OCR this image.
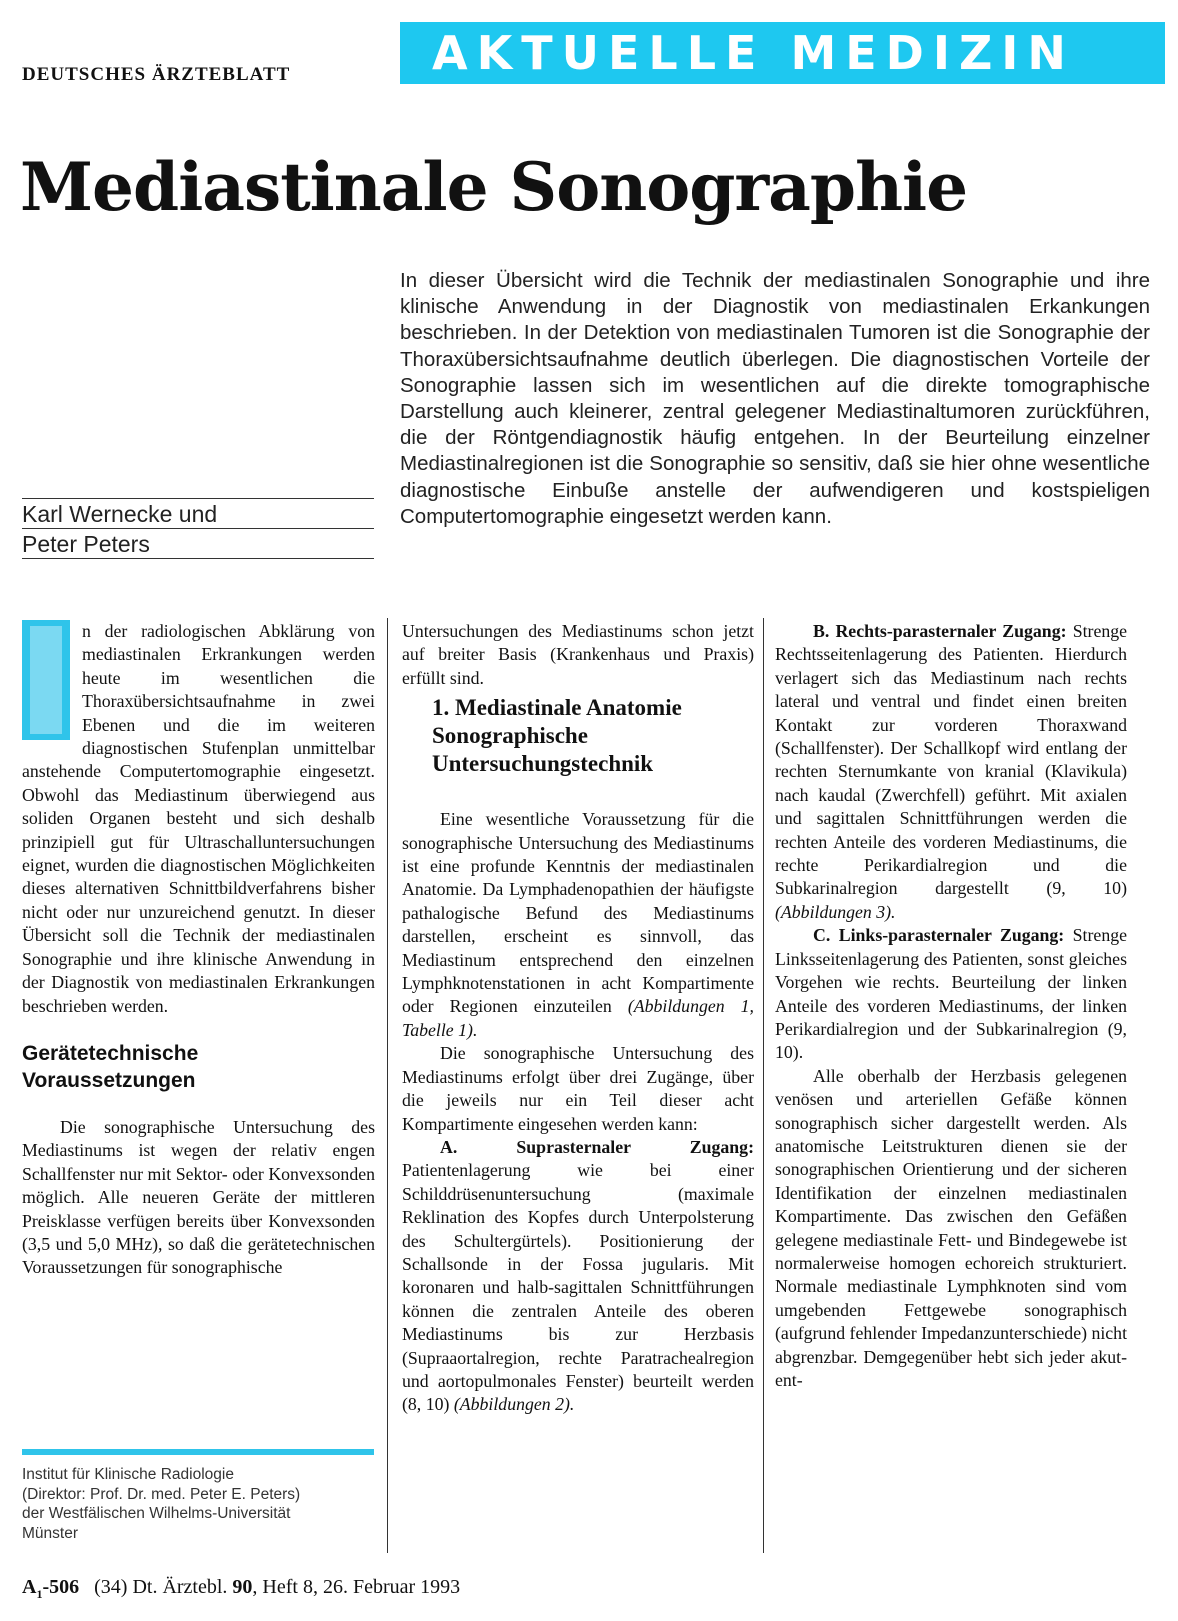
DEUTSCHES ÄRZTEBLATT	AKTUELLE MEDIZIN
Mediastinale Sonographie
In dieser Übersicht wird die Technik der mediastinalen Sonographie und ihre klinische Anwendung in der Diagnostik von mediastinalen Erkankungen beschrieben. In der Detektion von mediastinalen Tumoren ist die Sonographie der Thoraxübersichtsaufnahme deutlich überlegen. Die diagnostischen Vorteile der Sonographie lassen sich im wesentlichen auf die direkte tomographische Darstellung auch kleinerer, zentral gelegener Mediastinaltumoren zurückführen, die der Röntgendiagnostik häufig entgehen. In der Beurteilung einzelner Mediastinalregionen ist die Sonographie so sensitiv, daß sie hier ohne wesentliche diagnostische Einbuße anstelle der aufwendigeren und kostspieligen Computertomographie eingesetzt werden kann.
Karl Wernecke und
Peter Peters

n der radiologischen Abklärung von mediastinalen Erkrankungen werden heute im wesentlichen die Thoraxübersichtsaufnahme in zwei Ebenen und die im weiteren diagnostischen Stufenplan unmittelbar anstehende Computertomographie eingesetzt. Obwohl das Mediastinum überwiegend aus soliden Organen besteht und sich deshalb prinzipiell gut für Ultraschalluntersuchungen eignet, wurden die diagnostischen Möglichkeiten dieses alternativen Schnittbildverfahrens bisher nicht oder nur unzureichend genutzt. In dieser Übersicht soll die Technik der mediastinalen Sonographie und ihre klinische Anwendung in der Diagnostik von mediastinalen Erkrankungen beschrieben werden.

Gerätetechnische Voraussetzungen

Die sonographische Untersuchung des Mediastinums ist wegen der relativ engen Schallfenster nur mit Sektor- oder Konvexsonden möglich. Alle neueren Geräte der mittleren Preisklasse verfügen bereits über Konvexsonden (3,5 und 5,0 MHz), so daß die gerätetechnischen Voraussetzungen für sonographische

Institut für Klinische Radiologie
(Direktor: Prof. Dr. med. Peter E. Peters)
der Westfälischen Wilhelms-Universität
Münster

Untersuchungen des Mediastinums schon jetzt auf breiter Basis (Krankenhaus und Praxis) erfüllt sind.

1. Mediastinale Anatomie Sonographische Untersuchungstechnik

Eine wesentliche Voraussetzung für die sonographische Untersuchung des Mediastinums ist eine profunde Kenntnis der mediastinalen Anatomie. Da Lymphadenopathien der häufigste pathalogische Befund des Mediastinums darstellen, erscheint es sinnvoll, das Mediastinum entsprechend den einzelnen Lymphknotenstationen in acht Kompartimente oder Regionen einzuteilen (Abbildungen 1, Tabelle 1).

Die sonographische Untersuchung des Mediastinums erfolgt über drei Zugänge, über die jeweils nur ein Teil dieser acht Kompartimente eingesehen werden kann:

A. Suprasternaler Zugang: Patientenlagerung wie bei einer Schilddrüsenuntersuchung (maximale Reklination des Kopfes durch Unterpolsterung des Schultergürtels). Positionierung der Schallsonde in der Fossa jugularis. Mit koronaren und halb-sagittalen Schnittführungen können die zentralen Anteile des oberen Mediastinums bis zur Herzbasis (Supraaortalregion, rechte Paratrachealregion und aortopulmonales Fenster) beurteilt werden (8, 10) (Abbildungen 2).

B. Rechts-parasternaler Zugang: Strenge Rechtsseitenlagerung des Patienten. Hierdurch verlagert sich das Mediastinum nach rechts lateral und ventral und findet einen breiten Kontakt zur vorderen Thoraxwand (Schallfenster). Der Schallkopf wird entlang der rechten Sternumkante von kranial (Klavikula) nach kaudal (Zwerchfell) geführt. Mit axialen und sagittalen Schnittführungen werden die rechten Anteile des vorderen Mediastinums, die rechte Perikardialregion und die Subkarinalregion dargestellt (9, 10) (Abbildungen 3).

C. Links-parasternaler Zugang: Strenge Linksseitenlagerung des Patienten, sonst gleiches Vorgehen wie rechts. Beurteilung der linken Anteile des vorderen Mediastinums, der linken Perikardialregion und der Subkarinalregion (9, 10).

Alle oberhalb der Herzbasis gelegenen venösen und arteriellen Gefäße können sonographisch sicher dargestellt werden. Als anatomische Leitstrukturen dienen sie der sonographischen Orientierung und der sicheren Identifikation der einzelnen mediastinalen Kompartimente. Das zwischen den Gefäßen gelegene mediastinale Fett- und Bindegewebe ist normalerweise homogen echoreich strukturiert. Normale mediastinale Lymphknoten sind vom umgebenden Fettgewebe sonographisch (aufgrund fehlender Impedanzunterschiede) nicht abgrenzbar. Demgegenüber hebt sich jeder akut-ent-

$A_1-506$ (34) Dt. Ärztebl. 90, Heft 8, 26. Februar 1993
